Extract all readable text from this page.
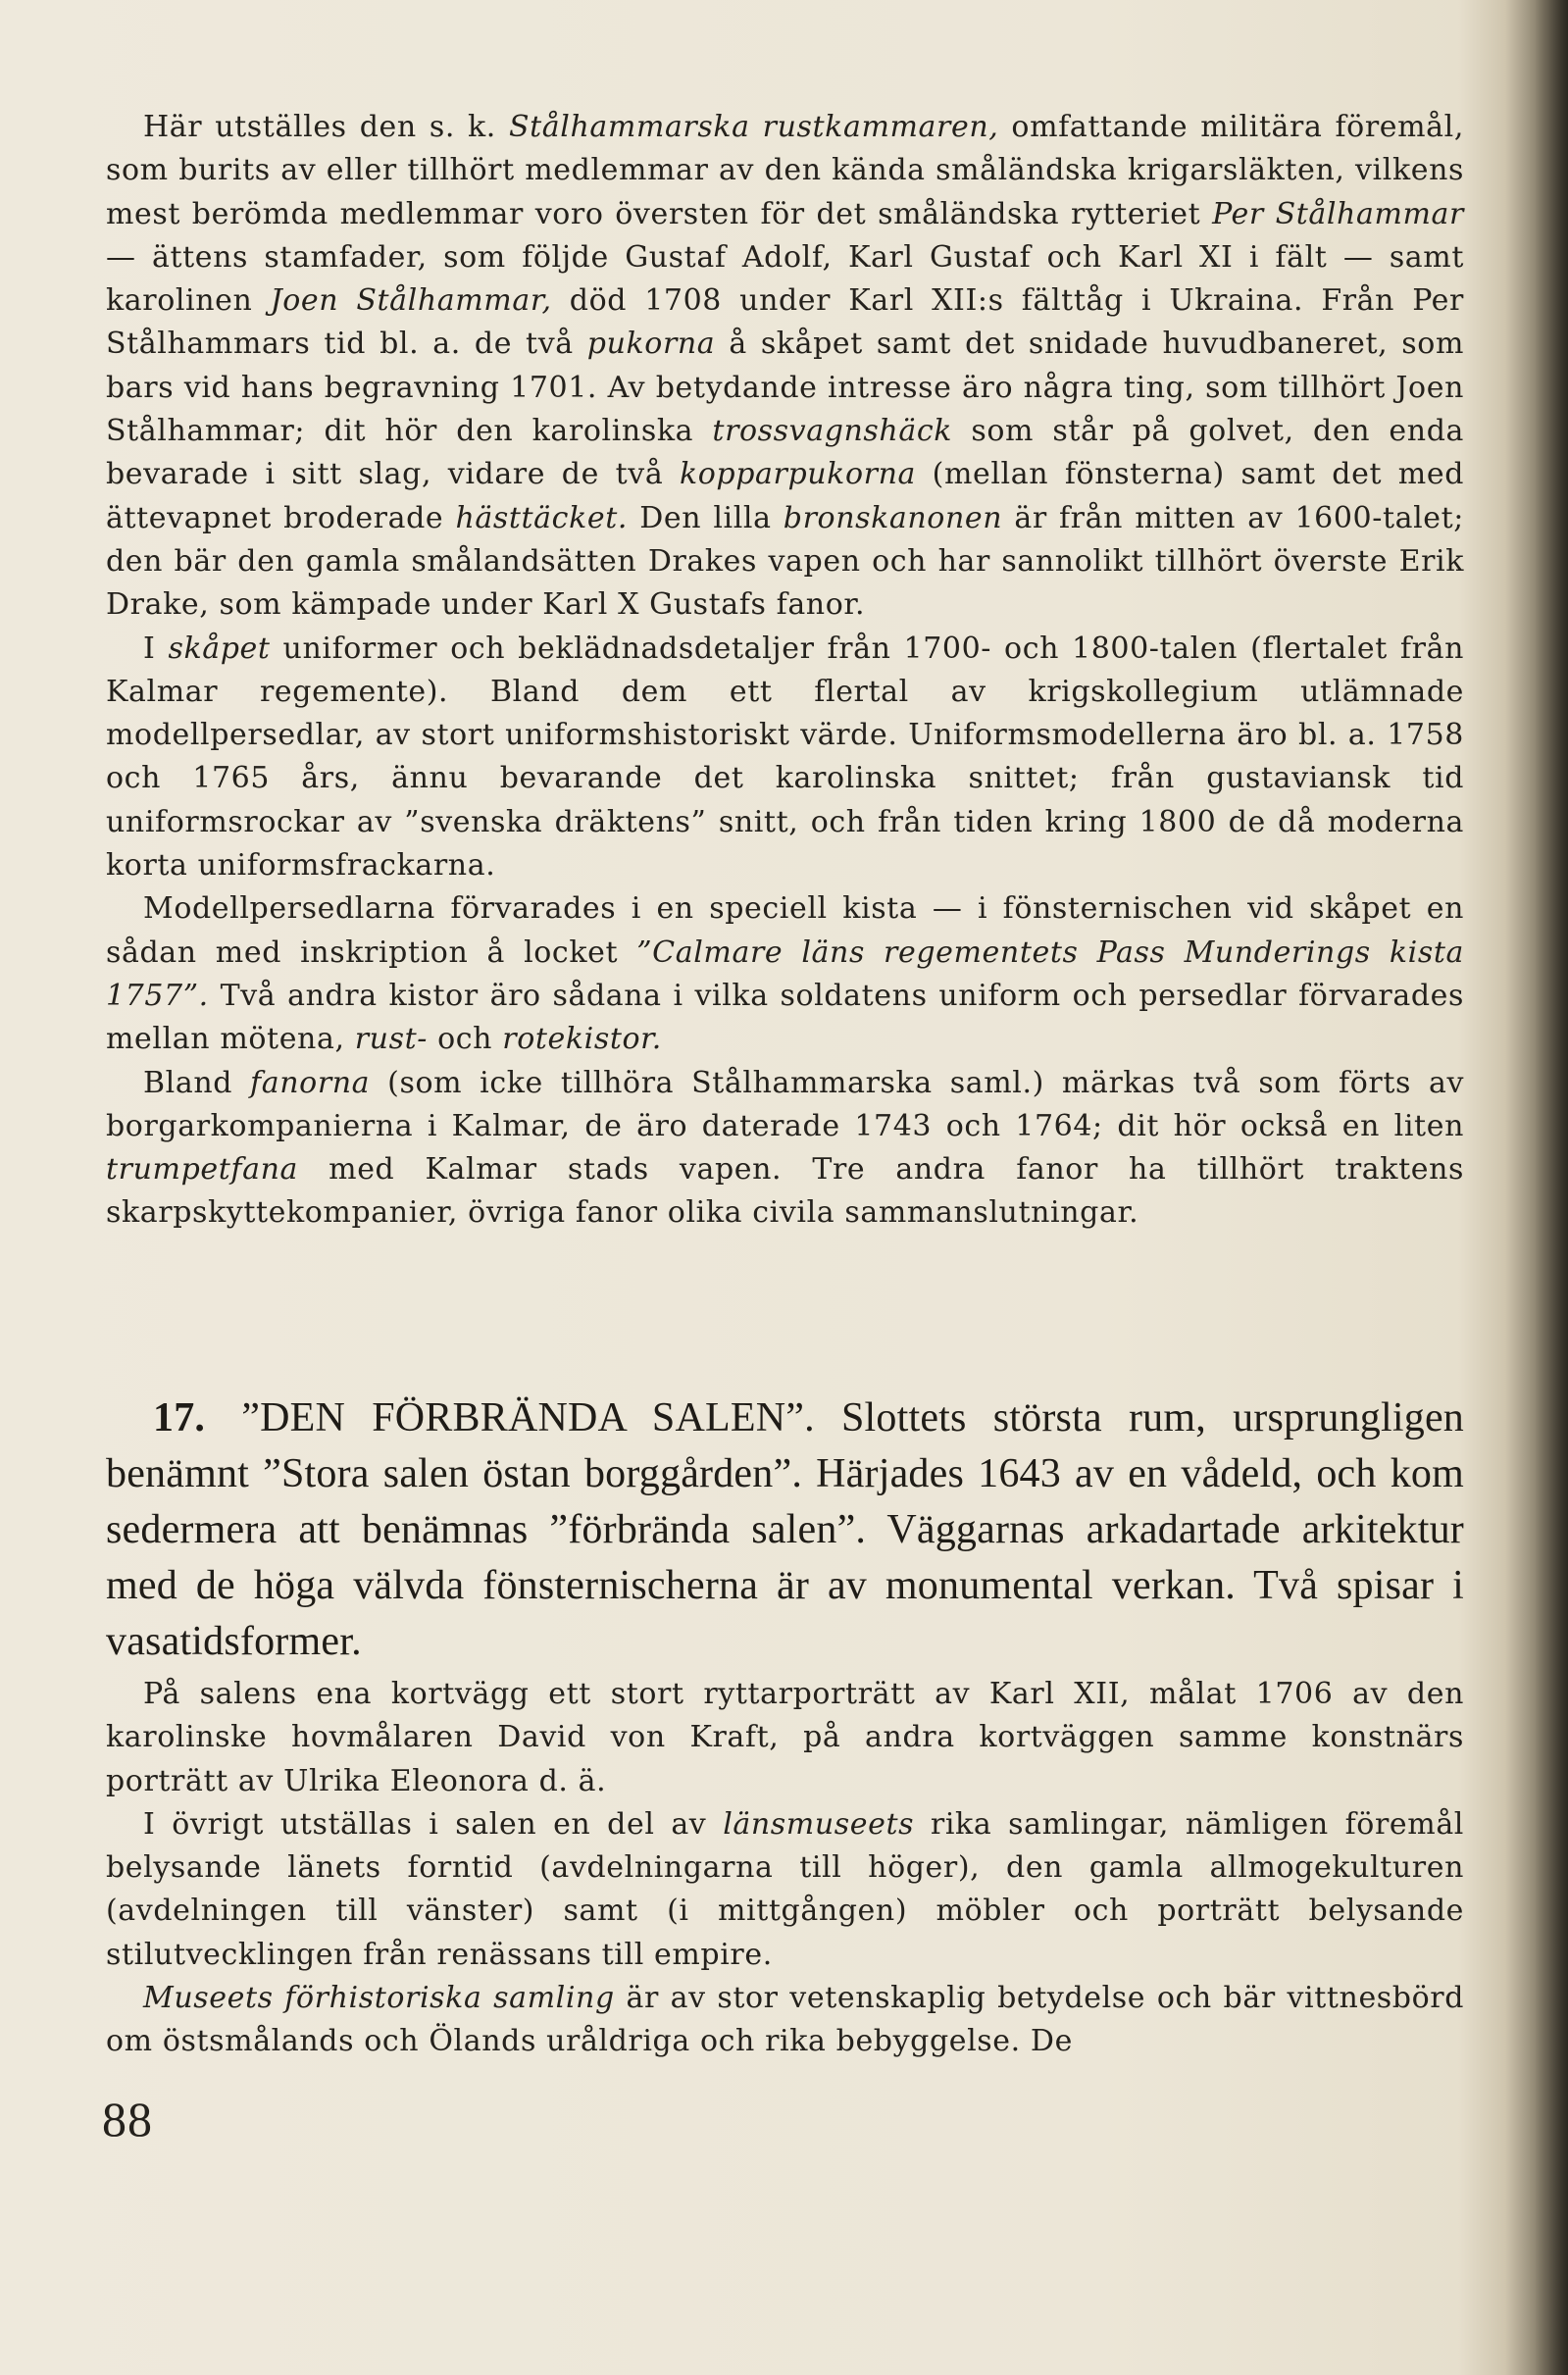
Här utställes den s. k. Stålhammarska rustkammaren, omfattande militära föremål, som burits av eller tillhört medlemmar av den kända småländska krigarsläkten, vilkens mest berömda medlemmar voro översten för det småländska rytteriet Per Stålhammar — ättens stamfader, som följde Gustaf Adolf, Karl Gustaf och Karl XI i fält — samt karolinen Joen Stålhammar, död 1708 under Karl XII:s fälttåg i Ukraina. Från Per Stålhammars tid bl. a. de två pukorna å skåpet samt det snidade huvudbaneret, som bars vid hans begravning 1701. Av betydande intresse äro några ting, som tillhört Joen Stålhammar; dit hör den karolinska trossvagnshäck som står på golvet, den enda bevarade i sitt slag, vidare de två kopparpukorna (mellan fönsterna) samt det med ättevapnet broderade hästtäcket. Den lilla bronskanonen är från mitten av 1600-talet; den bär den gamla smålandsätten Drakes vapen och har sannolikt tillhört överste Erik Drake, som kämpade under Karl X Gustafs fanor.

I skåpet uniformer och beklädnadsdetaljer från 1700- och 1800-talen (flertalet från Kalmar regemente). Bland dem ett flertal av krigskollegium utlämnade modellpersedlar, av stort uniformshistoriskt värde. Uniformsmodellerna äro bl. a. 1758 och 1765 års, ännu bevarande det karolinska snittet; från gustaviansk tid uniformsrockar av ”svenska dräktens” snitt, och från tiden kring 1800 de då moderna korta uniformsfrackarna.

Modellpersedlarna förvarades i en speciell kista — i fönsternischen vid skåpet en sådan med inskription å locket ”Calmare läns regementets Pass Munderings kista 1757”. Två andra kistor äro sådana i vilka soldatens uniform och persedlar förvarades mellan mötena, rust- och rotekistor.

Bland fanorna (som icke tillhöra Stålhammarska saml.) märkas två som förts av borgarkompanierna i Kalmar, de äro daterade 1743 och 1764; dit hör också en liten trumpetfana med Kalmar stads vapen. Tre andra fanor ha tillhört traktens skarpskyttekompanier, övriga fanor olika civila sammanslutningar.

17. ”DEN FÖRBRÄNDA SALEN”. Slottets största rum, ursprungligen benämnt ”Stora salen östan borggården”. Härjades 1643 av en vådeld, och kom sedermera att benämnas ”förbrända salen”. Väggarnas arkadartade arkitektur med de höga välvda fönsternischerna är av monumental verkan. Två spisar i vasatidsformer.

På salens ena kortvägg ett stort ryttarporträtt av Karl XII, målat 1706 av den karolinske hovmålaren David von Kraft, på andra kortväggen samme konstnärs porträtt av Ulrika Eleonora d. ä.

I övrigt utställas i salen en del av länsmuseets rika samlingar, nämligen föremål belysande länets forntid (avdelningarna till höger), den gamla allmogekulturen (avdelningen till vänster) samt (i mittgången) möbler och porträtt belysande stilutvecklingen från renässans till empire.

Museets förhistoriska samling är av stor vetenskaplig betydelse och bär vittnesbörd om östsmålands och Ölands uråldriga och rika bebyggelse. De

88
